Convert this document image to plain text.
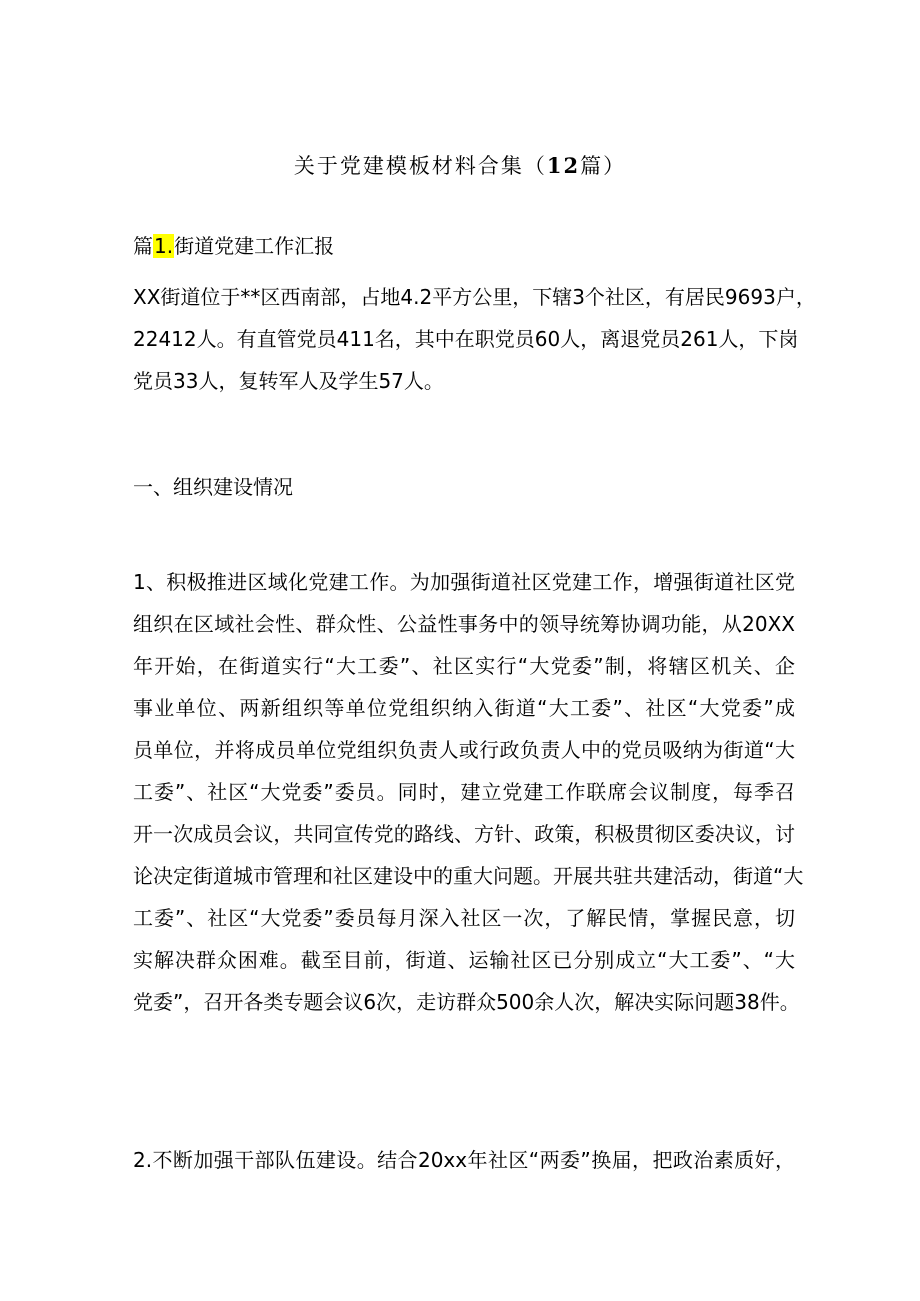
关于党建模板材料合集（12篇）

篇1.街道党建工作汇报

XX街道位于**区西南部，占地4.2平方公里，下辖3个社区，有居民9693户，
22412人。有直管党员411名，其中在职党员60人，离退党员261人，下岗
党员33人，复转军人及学生57人。

一、组织建设情况

1、积极推进区域化党建工作。为加强街道社区党建工作，增强街道社区党
组织在区域社会性、群众性、公益性事务中的领导统筹协调功能，从20XX
年开始，在街道实行“大工委”、社区实行“大党委”制，将辖区机关、企
事业单位、两新组织等单位党组织纳入街道“大工委”、社区“大党委”成
员单位，并将成员单位党组织负责人或行政负责人中的党员吸纳为街道“大
工委”、社区“大党委”委员。同时，建立党建工作联席会议制度，每季召
开一次成员会议，共同宣传党的路线、方针、政策，积极贯彻区委决议，讨
论决定街道城市管理和社区建设中的重大问题。开展共驻共建活动，街道“大
工委”、社区“大党委”委员每月深入社区一次，了解民情，掌握民意，切
实解决群众困难。截至目前，街道、运输社区已分别成立“大工委”、“大
党委”，召开各类专题会议6次，走访群众500余人次，解决实际问题38件。
2.不断加强干部队伍建设。结合20xx年社区“两委”换届，把政治素质好，
